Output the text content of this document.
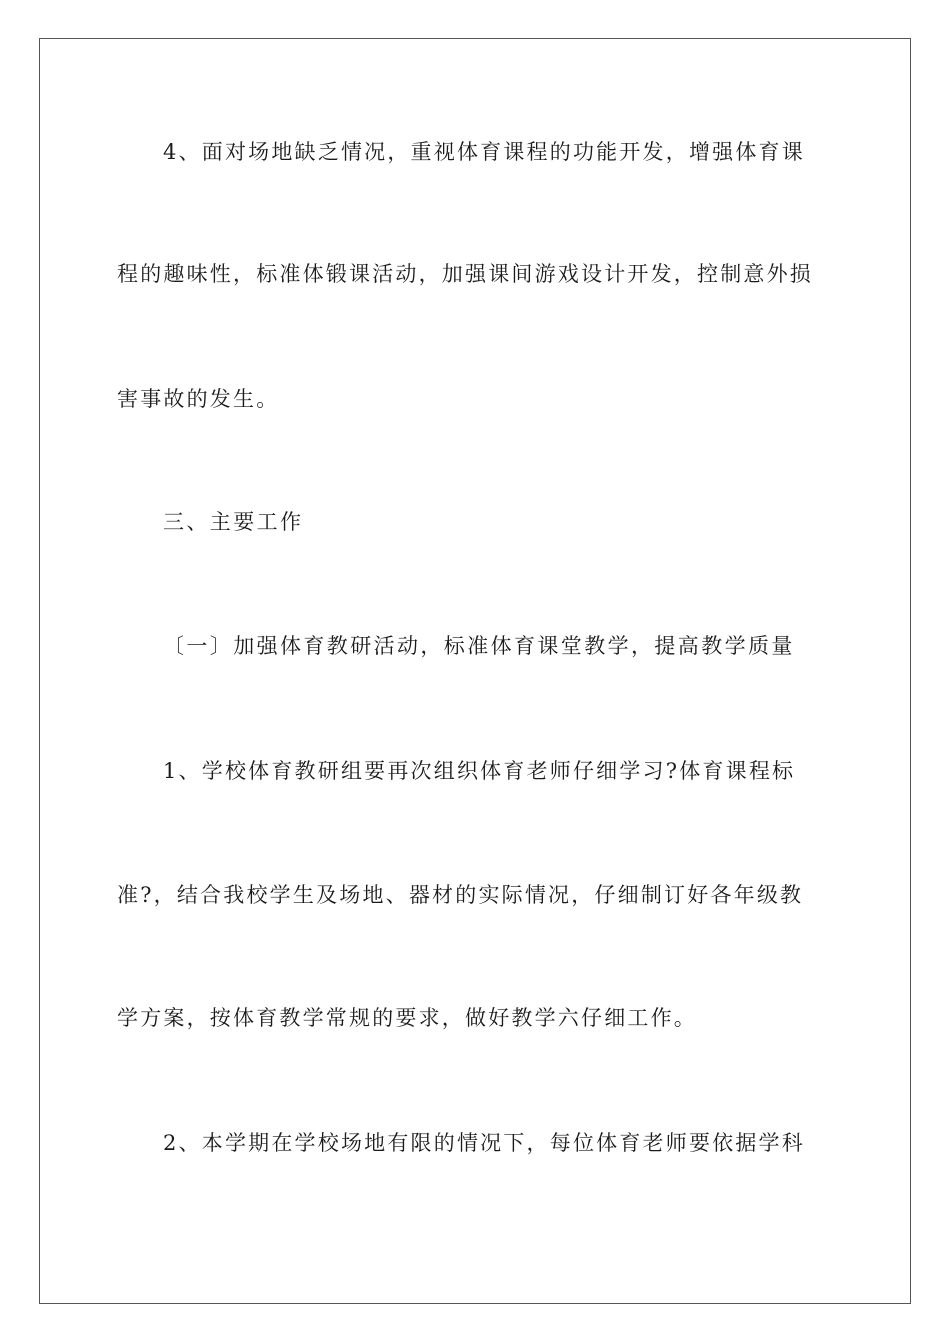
4、面对场地缺乏情况，重视体育课程的功能开发，增强体育课
程的趣味性，标准体锻课活动，加强课间游戏设计开发，控制意外损
害事故的发生。
三、主要工作
〔一〕加强体育教研活动，标准体育课堂教学，提高教学质量
1、学校体育教研组要再次组织体育老师仔细学习?体育课程标
准?，结合我校学生及场地、器材的实际情况，仔细制订好各年级教
学方案，按体育教学常规的要求，做好教学六仔细工作。
2、本学期在学校场地有限的情况下，每位体育老师要依据学科
